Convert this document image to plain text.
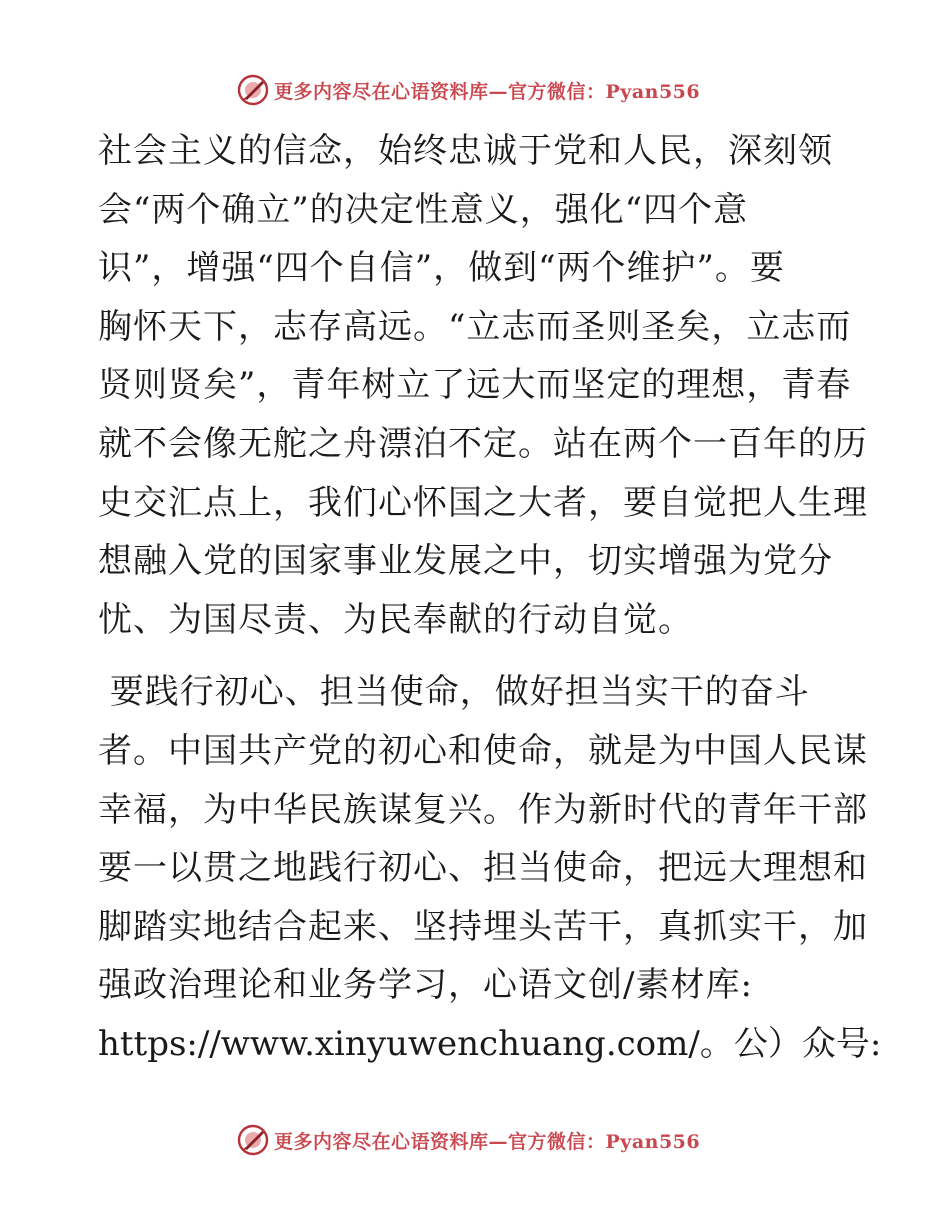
更多内容尽在心语资料库—官方微信：Pyan556
社会主义的信念，始终忠诚于党和人民，深刻领
会“两个确立”的决定性意义，强化“四个意
识”，增强“四个自信”，做到“两个维护”。要
胸怀天下，志存高远。“立志而圣则圣矣，立志而
贤则贤矣”，青年树立了远大而坚定的理想，青春
就不会像无舵之舟漂泊不定。站在两个一百年的历
史交汇点上，我们心怀国之大者，要自觉把人生理
想融入党的国家事业发展之中，切实增强为党分
忧、为国尽责、为民奉献的行动自觉。
要践行初心、担当使命，做好担当实干的奋斗
者。中国共产党的初心和使命，就是为中国人民谋
幸福，为中华民族谋复兴。作为新时代的青年干部
要一以贯之地践行初心、担当使命，把远大理想和
脚踏实地结合起来、坚持埋头苦干，真抓实干，加
强政治理论和业务学习，心语文创/素材库:
https://www.xinyuwenchuang.com/。公）众号:
更多内容尽在心语资料库—官方微信：Pyan556
